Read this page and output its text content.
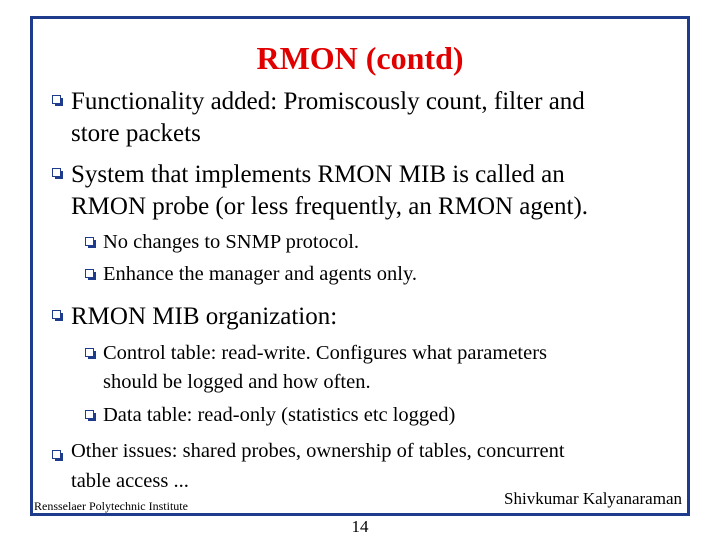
RMON (contd)
Functionality added: Promiscously count, filter and
store packets
System that implements RMON MIB is called an
RMON probe (or less frequently, an RMON agent).
No changes to SNMP protocol.
Enhance the manager and agents only.
RMON MIB organization:
Control table: read-write. Configures what parameters
should be logged and how often.
Data table: read-only (statistics etc logged)
Other issues: shared probes, ownership of tables, concurrent
table access ...
Rensselaer Polytechnic Institute	Shivkumar Kalyanaraman
14
